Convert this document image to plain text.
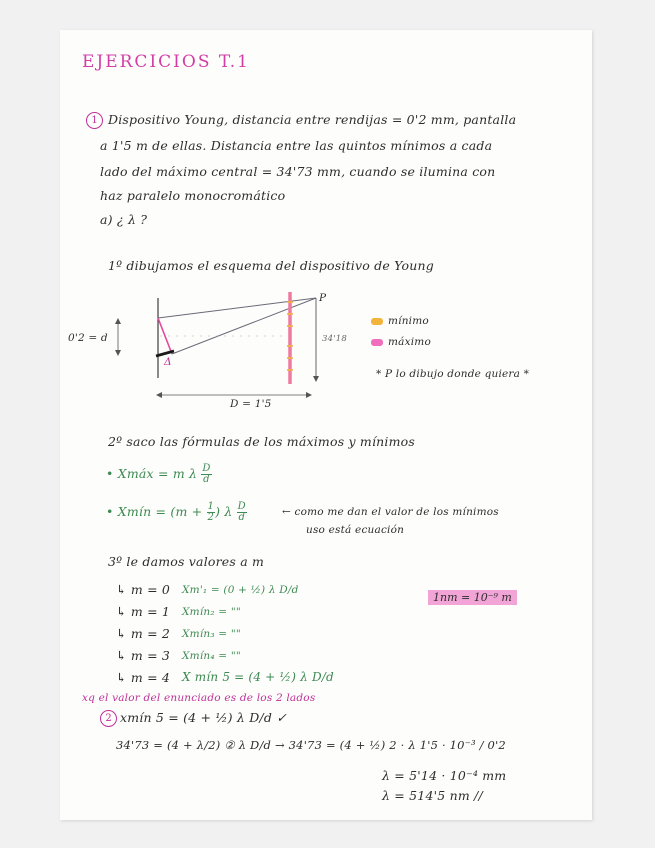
EJERCICIOS T.1
1 Dispositivo Young, distancia entre rendijas = 0'2 mm, pantalla
a 1'5 m de ellas. Distancia entre las quintos mínimos a cada
lado del máximo central = 34'73 mm, cuando se ilumina con
haz paralelo monocromático
a) ¿ λ ?
1º dibujamos el esquema del dispositivo de Young
0'2 = d
Δ
P
34'18
D = 1'5
mínimo
máximo
* P lo dibujo donde quiera *
2º saco las fórmulas de los máximos y mínimos
• Xmáx = m λ $\frac{D}{d}$
• Xmín = ($m + \frac{1}{2}$ ) λ $\frac{D}{d}$	← como me dan el valor de los mínimos
uso está ecuación
3º le damos valores a m
↳ m = 0 Xm'₁ = (0 + ½) λ D/d
↳ m = 1 Xmín₂ = ""
↳ m = 2 Xmín₃ = ""
↳ m = 3 Xmín₄ = ""
↳ m = 4 X mín 5 = (4 + ½) λ D/d
1nm = 10⁻⁹ m
xq el valor del enunciado es de los 2 lados
2 xmín 5 = (4 + ½) λ D/d ✓
34'73 = (4 + λ/2) ② λ D/d → 34'73 = (4 + ½) 2 · λ 1'5 · 10⁻³ / 0'2
λ = 5'14 · 10⁻⁴ mm
λ = 514'5 nm //
